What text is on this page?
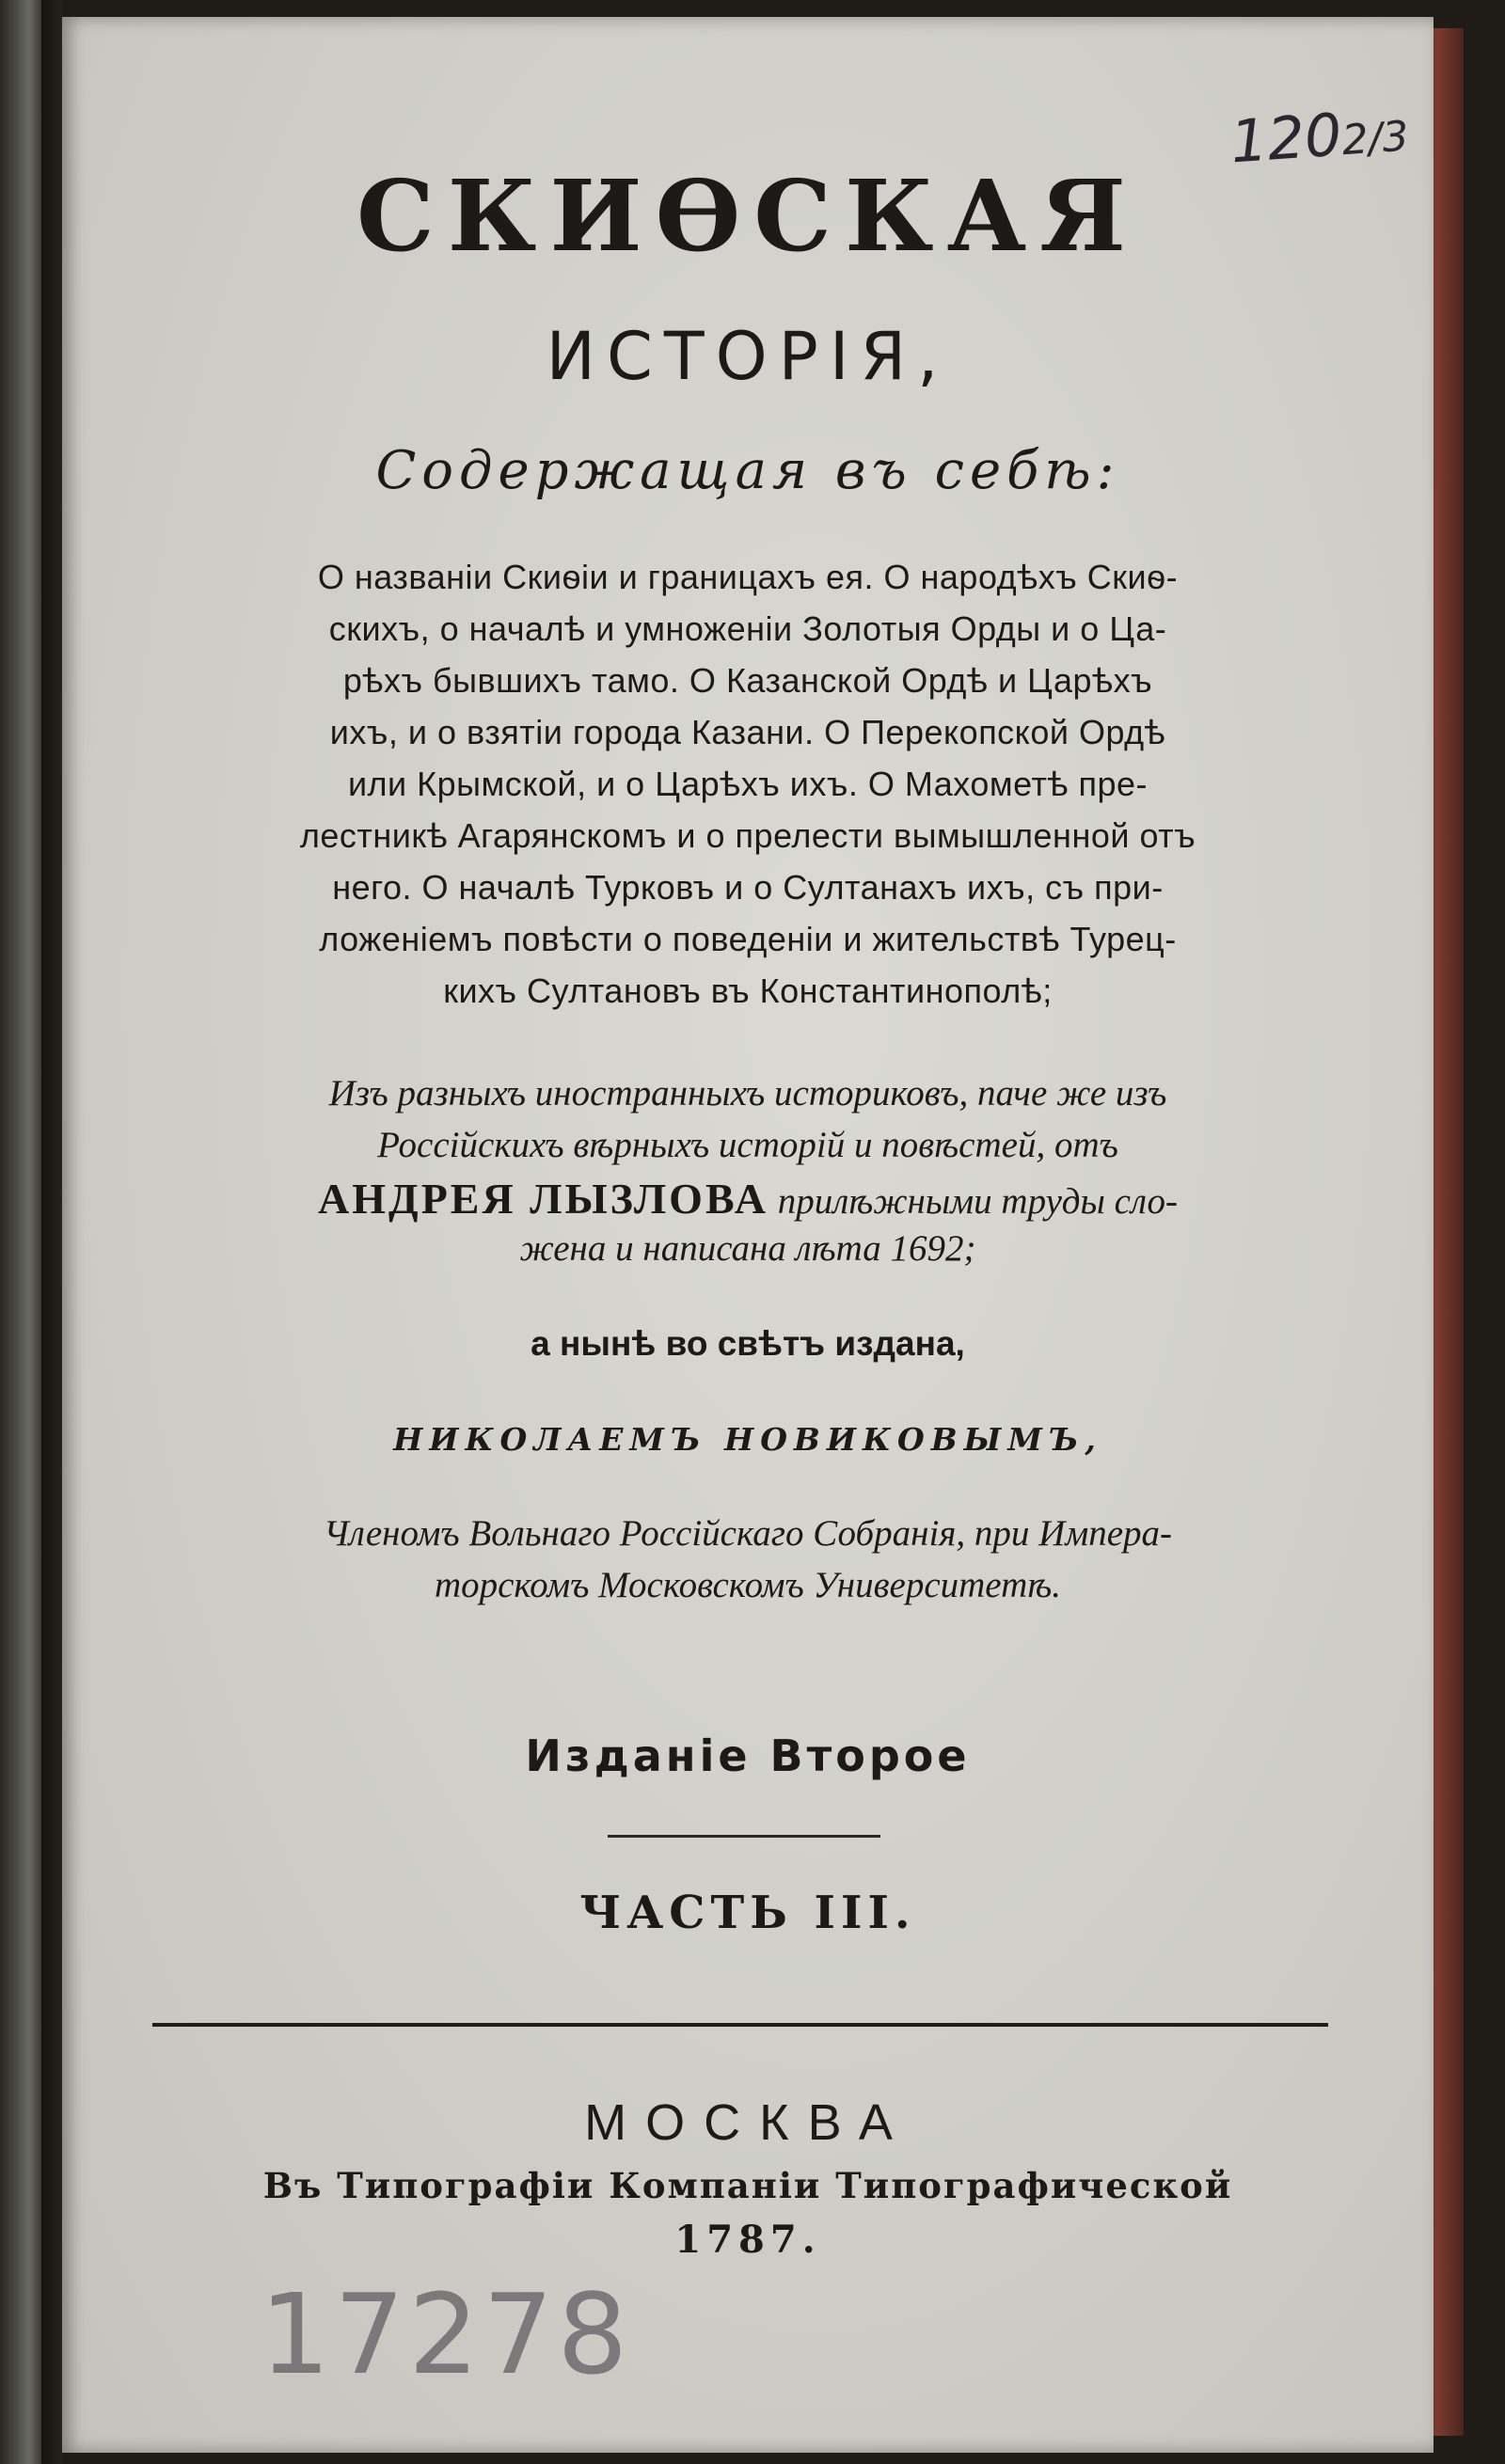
1202/3
СКИѲСКАЯ
ИСТОРІЯ,
Содержащая въ себѣ:
О названіи Скиѳіи и границахъ ея. О народѣхъ Скиѳ-
скихъ, о началѣ и умноженіи Золотыя Орды и о Ца-
рѣхъ бывшихъ тамо. О Казанской Ордѣ и Царѣхъ
ихъ, и о взятіи города Казани. О Перекопской Ордѣ
или Крымской, и о Царѣхъ ихъ. О Махометѣ пре-
лестникѣ Агарянскомъ и о прелести вымышленной отъ
него. О началѣ Турковъ и о Султанахъ ихъ, съ при-
ложеніемъ повѣсти о поведеніи и жительствѣ Турец-
кихъ Султановъ въ Константинополѣ;
Изъ разныхъ иностранныхъ историковъ, паче же изъ
Россійскихъ вѣрныхъ исторій и повѣстей, отъ
АНДРЕЯ ЛЫЗЛОВА прилѣжными труды сло-
жена и написана лѣта 1692;
а нынѣ во свѣтъ издана,
НИКОЛАЕМЪ НОВИКОВЫМЪ,
Членомъ Вольнаго Россійскаго Собранія, при Импера-
торскомъ Московскомъ Университетѣ.
Изданіе Второе
ЧАСТЬ III.
МОСКВА
Въ Типографіи Компаніи Типографической
1787.
17278
